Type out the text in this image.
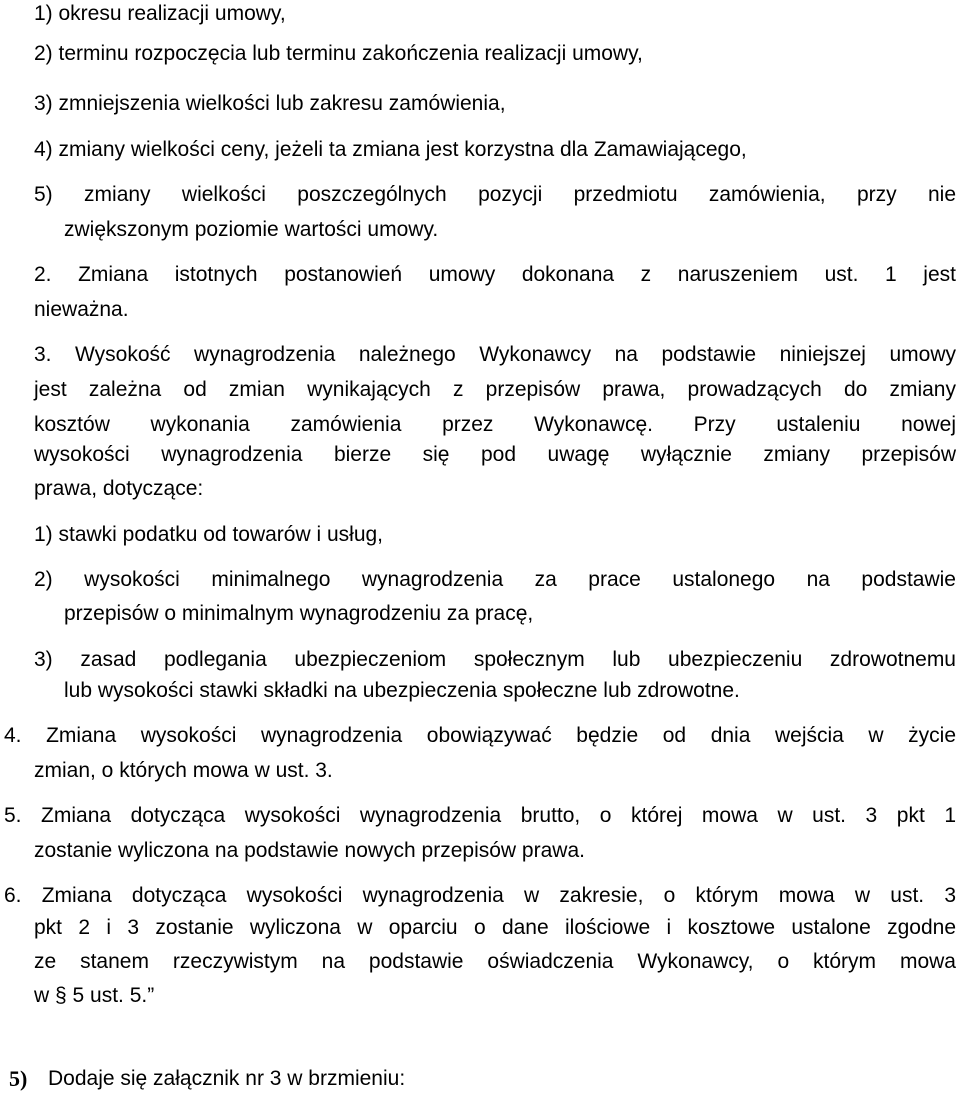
1) okresu realizacji umowy,
2) terminu rozpoczęcia lub terminu zakończenia realizacji umowy,
3) zmniejszenia wielkości lub zakresu zamówienia,
4) zmiany wielkości ceny, jeżeli ta zmiana jest korzystna dla Zamawiającego,
5) zmiany wielkości poszczególnych pozycji przedmiotu zamówienia, przy nie
zwiększonym poziomie wartości umowy.
2. Zmiana istotnych postanowień umowy dokonana z naruszeniem ust. 1 jest
nieważna.
3. Wysokość wynagrodzenia należnego Wykonawcy na podstawie niniejszej umowy
jest zależna od zmian wynikających z przepisów prawa, prowadzących do zmiany
kosztów wykonania zamówienia przez Wykonawcę. Przy ustaleniu nowej
wysokości wynagrodzenia bierze się pod uwagę wyłącznie zmiany przepisów
prawa, dotyczące:
1) stawki podatku od towarów i usług,
2) wysokości minimalnego wynagrodzenia za prace ustalonego na podstawie
przepisów o minimalnym wynagrodzeniu za pracę,
3) zasad podlegania ubezpieczeniom społecznym lub ubezpieczeniu zdrowotnemu
lub wysokości stawki składki na ubezpieczenia społeczne lub zdrowotne.
4. Zmiana wysokości wynagrodzenia obowiązywać będzie od dnia wejścia w życie
zmian, o których mowa w ust. 3.
5. Zmiana dotycząca wysokości wynagrodzenia brutto, o której mowa w ust. 3 pkt 1
zostanie wyliczona na podstawie nowych przepisów prawa.
6. Zmiana dotycząca wysokości wynagrodzenia w zakresie, o którym mowa w ust. 3
pkt 2 i 3 zostanie wyliczona w oparciu o dane ilościowe i kosztowe ustalone zgodne
ze stanem rzeczywistym na podstawie oświadczenia Wykonawcy, o którym mowa
w § 5 ust. 5.”
5) Dodaje się załącznik nr 3 w brzmieniu:
